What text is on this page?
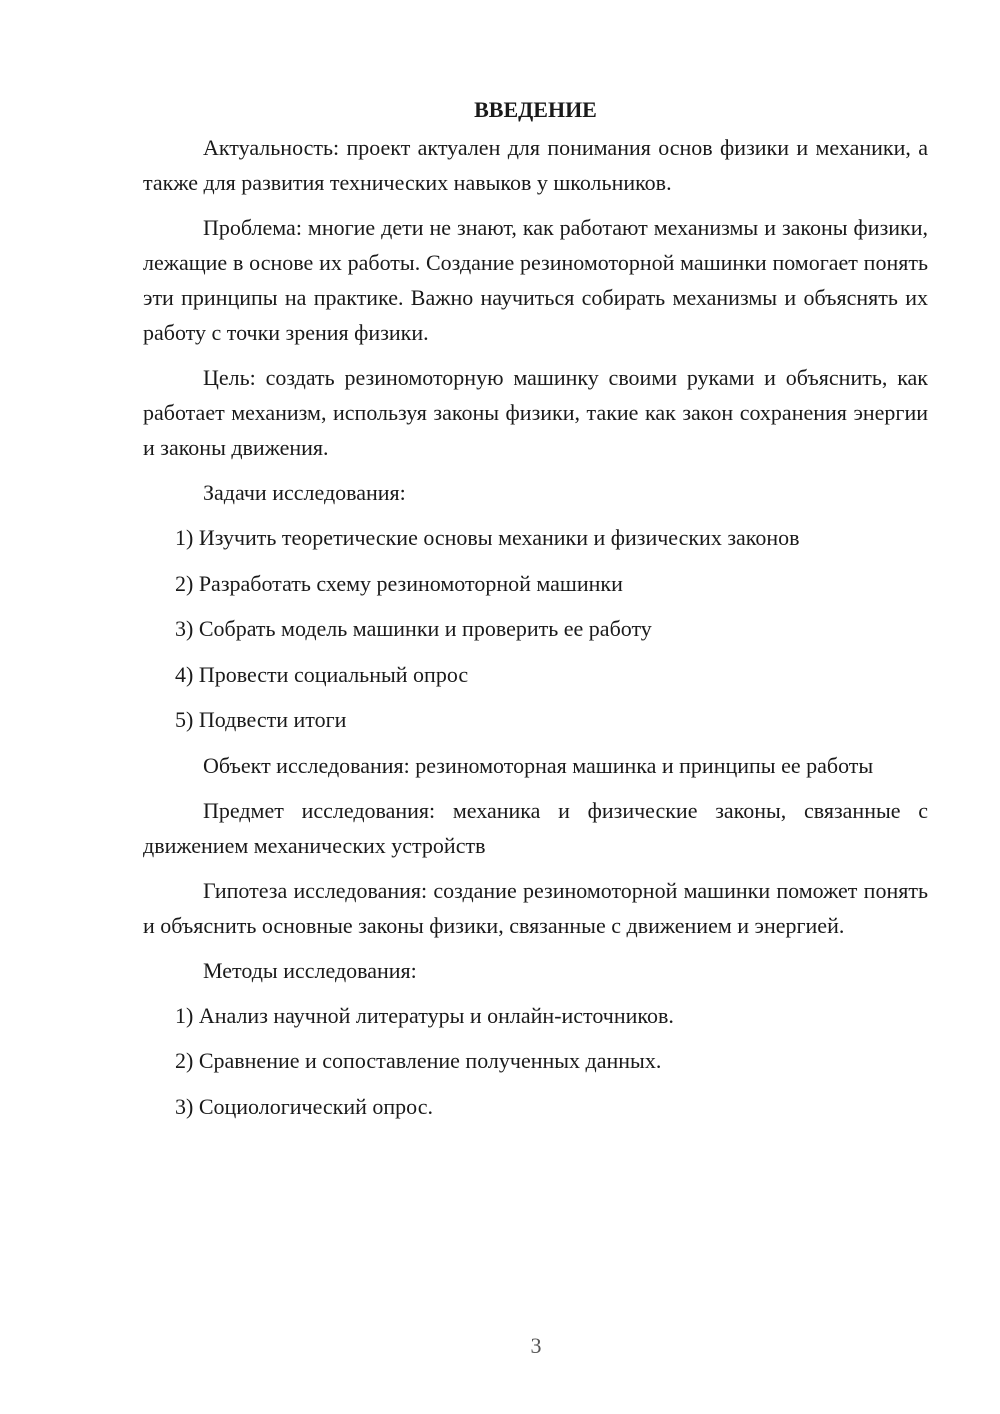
ВВЕДЕНИЕ

Актуальность: проект актуален для понимания основ физики и механики, а также для развития технических навыков у школьников.

Проблема: многие дети не знают, как работают механизмы и законы физики, лежащие в основе их работы. Создание резиномоторной машинки помогает понять эти принципы на практике. Важно научиться собирать механизмы и объяснять их работу с точки зрения физики.

Цель: создать резиномоторную машинку своими руками и объяснить, как работает механизм, используя законы физики, такие как закон сохранения энергии и законы движения.

Задачи исследования:

1) Изучить теоретические основы механики и физических законов
2) Разработать схему резиномоторной машинки
3) Собрать модель машинки и проверить ее работу
4) Провести социальный опрос
5) Подвести итоги

Объект исследования: резиномоторная машинка и принципы ее работы

Предмет исследования: механика и физические законы, связанные с движением механических устройств

Гипотеза исследования: создание резиномоторной машинки поможет понять и объяснить основные законы физики, связанные с движением и энергией.

Методы исследования:

1) Анализ научной литературы и онлайн-источников.
2) Сравнение и сопоставление полученных данных.
3) Социологический опрос.
3
